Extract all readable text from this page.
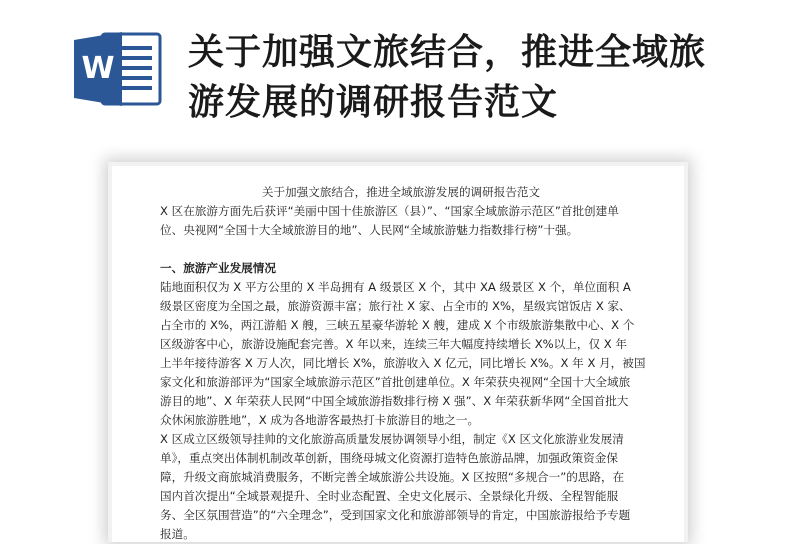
W 关于加强文旅结合，推进全域旅
游发展的调研报告范文

关于加强文旅结合，推进全域旅游发展的调研报告范文

X 区在旅游方面先后获评“美丽中国十佳旅游区（县）”、“国家全域旅游示范区”首批创建单
位、央视网“全国十大全域旅游目的地”、人民网“全域旅游魅力指数排行榜”十强。

一、旅游产业发展情况

陆地面积仅为 X 平方公里的 X 半岛拥有 A 级景区 X 个，其中 XA 级景区 X 个，单位面积 A
级景区密度为全国之最，旅游资源丰富；旅行社 X 家、占全市的 X%，星级宾馆饭店 X 家、
占全市的 X%，两江游船 X 艘，三峡五星豪华游轮 X 艘，建成 X 个市级旅游集散中心、X 个
区级游客中心，旅游设施配套完善。X 年以来，连续三年大幅度持续增长 X%以上，仅 X 年
上半年接待游客 X 万人次，同比增长 X%，旅游收入 X 亿元，同比增长 X%。X 年 X 月，被国
家文化和旅游部评为“国家全域旅游示范区”首批创建单位。X 年荣获央视网“全国十大全域旅
游目的地”、X 年荣获人民网“中国全域旅游指数排行榜 X 强”、X 年荣获新华网“全国首批大
众休闲旅游胜地”，X 成为各地游客最热打卡旅游目的地之一。
X 区成立区级领导挂帅的文化旅游高质量发展协调领导小组，制定《X 区文化旅游业发展清
单》，重点突出体制机制改革创新，围绕母城文化资源打造特色旅游品牌，加强政策资金保
障，升级文商旅城消费服务，不断完善全域旅游公共设施。X 区按照“多规合一”的思路，在
国内首次提出“全域景观提升、全时业态配置、全史文化展示、全景绿化升级、全程智能服
务、全区氛围营造”的“六全理念”，受到国家文化和旅游部领导的肯定，中国旅游报给予专题
报道。
